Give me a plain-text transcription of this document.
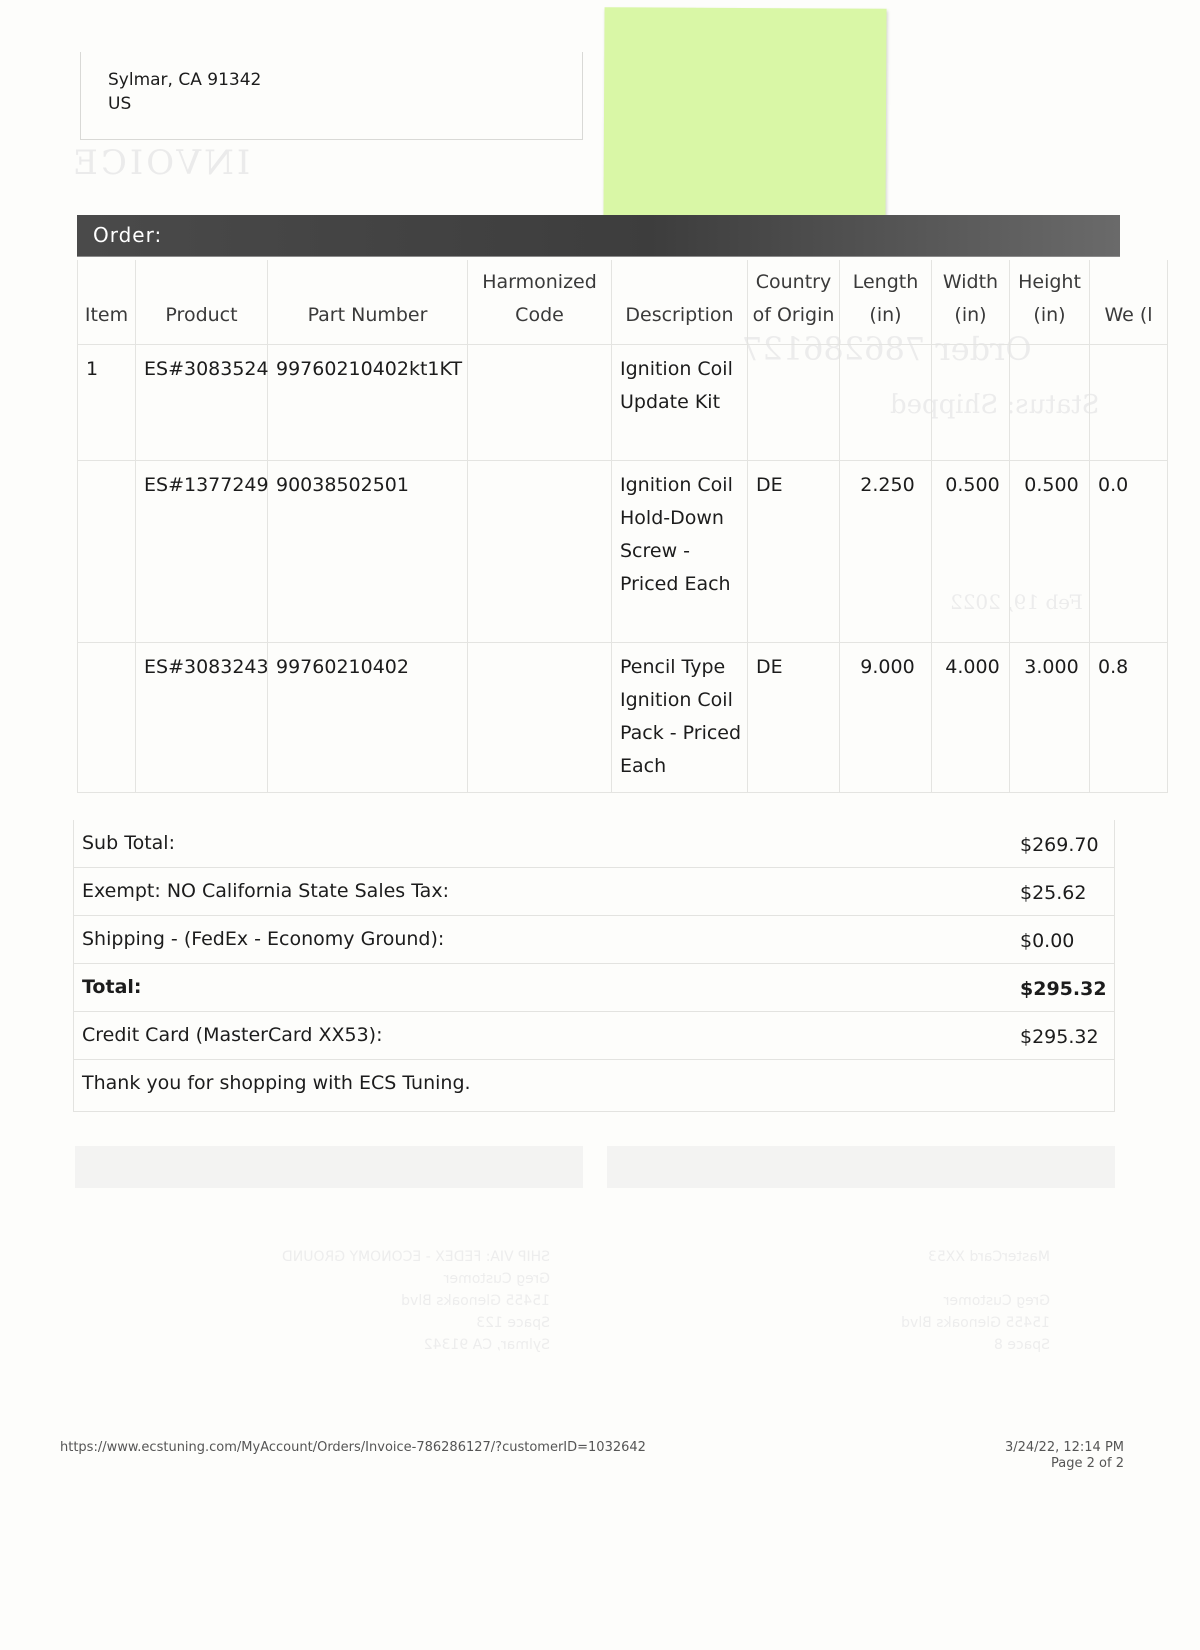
Sylmar, CA 91342
US
INVOICE
Order 786286127
Status: Shipped
Feb 19, 2022
Order:
Item	Product	Part Number	Harmonized Code	Description	Country of Origin	Length (in)	Width (in)	Height (in)	We (l
1	ES#3083524	99760210402kt1KT		Ignition Coil Update Kit					
	ES#1377249	90038502501		Ignition Coil Hold-Down Screw - Priced Each	DE	2.250	0.500	0.500	0.0
	ES#3083243	99760210402		Pencil Type Ignition Coil Pack - Priced Each	DE	9.000	4.000	3.000	0.8
Sub Total:	$269.70
Exempt: NO California State Sales Tax:	$25.62
Shipping - (FedEx - Economy Ground):	$0.00
Total:	$295.32
Credit Card (MasterCard XX53):	$295.32
Thank you for shopping with ECS Tuning.
SHIP VIA: FEDEX - ECONOMY GROUND
Greg Customer
15455 Glenoaks Blvd
Space 123
Sylmar, CA 91342
MasterCard XX53

Greg Customer
15455 Glenoaks Blvd
Space 8
https://www.ecstuning.com/MyAccount/Orders/Invoice-786286127/?customerID=1032642	3/24/22, 12:14 PM
Page 2 of 2
